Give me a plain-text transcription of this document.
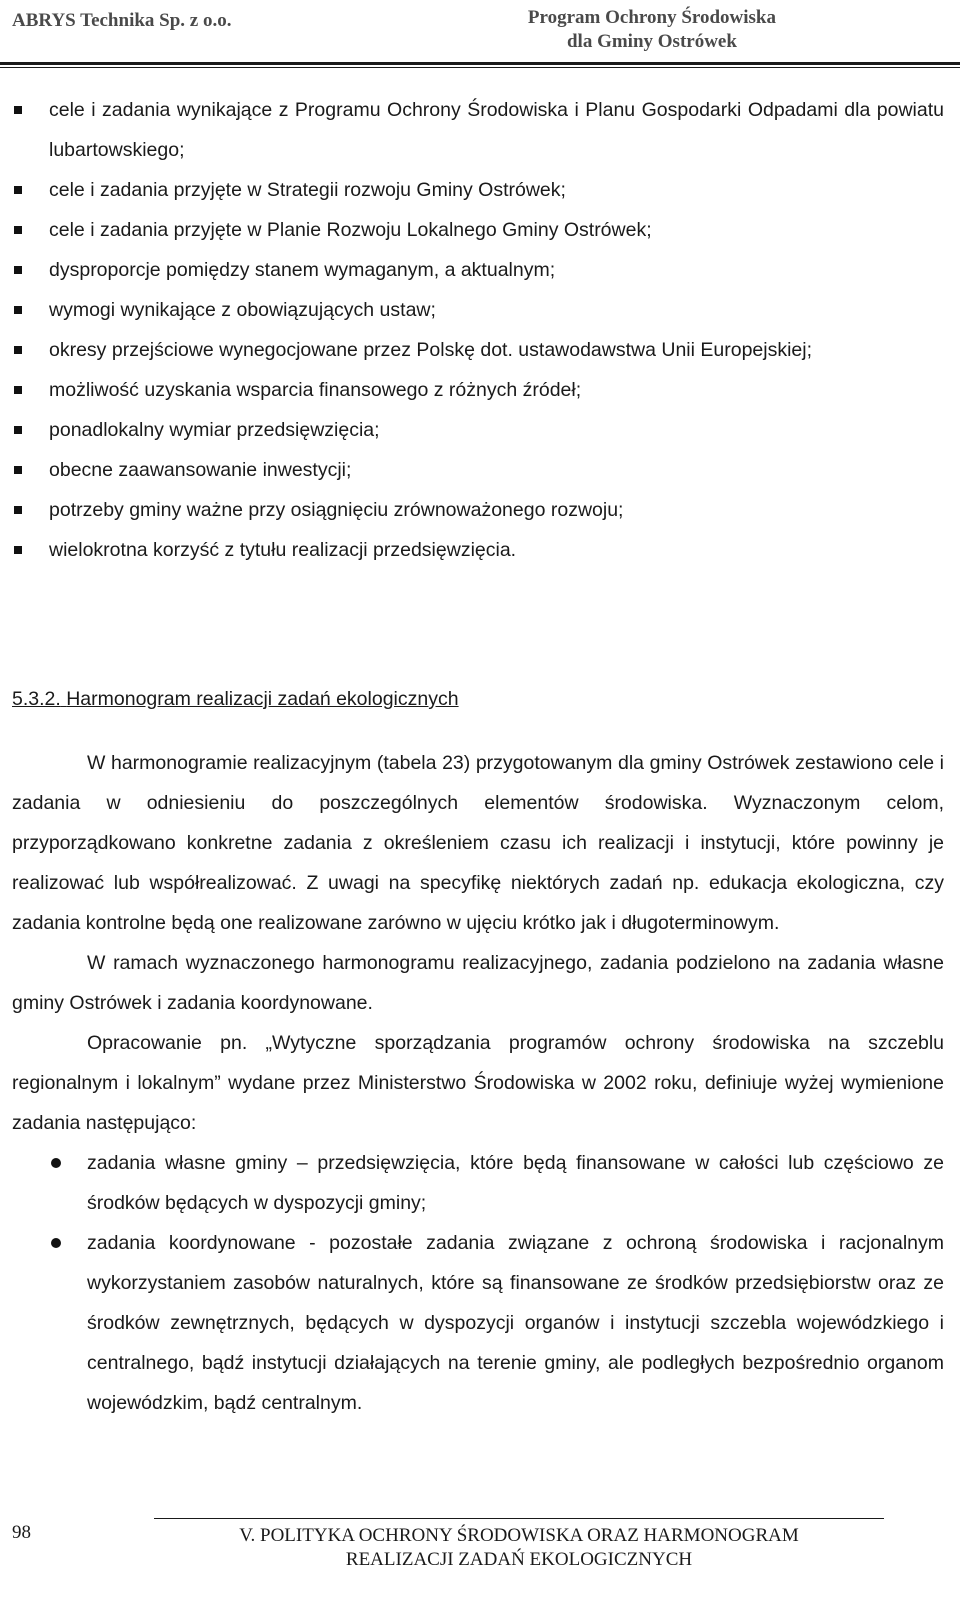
ABRYS Technika Sp. z o.o.	Program Ochrony Środowiska
dla Gminy Ostrówek
cele i zadania wynikające z Programu Ochrony Środowiska i Planu Gospodarki Odpadami dla powiatu lubartowskiego;
cele i zadania przyjęte w Strategii rozwoju Gminy Ostrówek;
cele i zadania przyjęte w Planie Rozwoju Lokalnego Gminy Ostrówek;
dysproporcje pomiędzy stanem wymaganym, a aktualnym;
wymogi wynikające z obowiązujących ustaw;
okresy przejściowe wynegocjowane przez Polskę dot. ustawodawstwa Unii Europejskiej;
możliwość uzyskania wsparcia finansowego z różnych źródeł;
ponadlokalny wymiar przedsięwzięcia;
obecne zaawansowanie inwestycji;
potrzeby gminy ważne przy osiągnięciu zrównoważonego rozwoju;
wielokrotna korzyść z tytułu realizacji przedsięwzięcia.
5.3.2. Harmonogram realizacji zadań ekologicznych

W harmonogramie realizacyjnym (tabela 23) przygotowanym dla gminy Ostrówek zestawiono cele i zadania w odniesieniu do poszczególnych elementów środowiska. Wyznaczonym celom, przyporządkowano konkretne zadania z określeniem czasu ich realizacji i instytucji, które powinny je realizować lub współrealizować. Z uwagi na specyfikę niektórych zadań np. edukacja ekologiczna, czy zadania kontrolne będą one realizowane zarówno w ujęciu krótko jak i długoterminowym.

W ramach wyznaczonego harmonogramu realizacyjnego, zadania podzielono na zadania własne gminy Ostrówek i zadania koordynowane.

Opracowanie pn. „Wytyczne sporządzania programów ochrony środowiska na szczeblu regionalnym i lokalnym” wydane przez Ministerstwo Środowiska w 2002 roku, definiuje wyżej wymienione zadania następująco:

zadania własne gminy – przedsięwzięcia, które będą finansowane w całości lub częściowo ze środków będących w dyspozycji gminy;
zadania koordynowane - pozostałe zadania związane z ochroną środowiska i racjonalnym wykorzystaniem zasobów naturalnych, które są finansowane ze środków przedsiębiorstw oraz ze środków zewnętrznych, będących w dyspozycji organów i instytucji szczebla wojewódzkiego i centralnego, bądź instytucji działających na terenie gminy, ale podległych bezpośrednio organom wojewódzkim, bądź centralnym.
98	V. POLITYKA OCHRONY ŚRODOWISKA ORAZ HARMONOGRAM
REALIZACJI ZADAŃ EKOLOGICZNYCH
